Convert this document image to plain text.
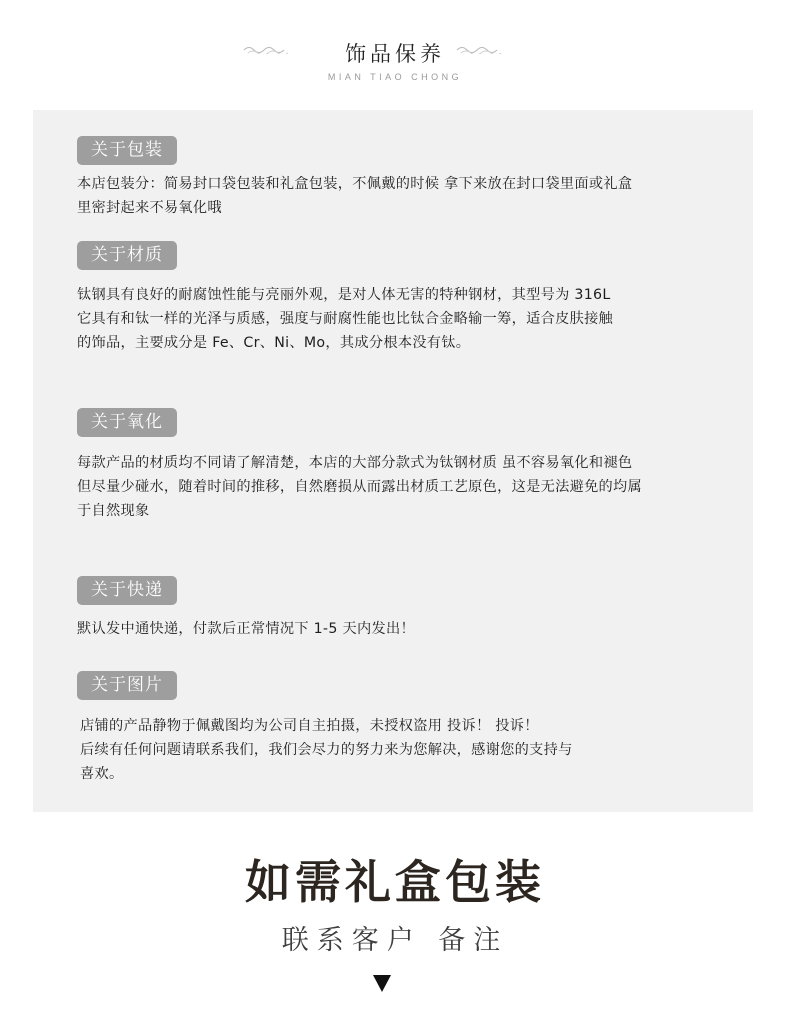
饰品保养
MIAN TIAO CHONG
关于包装
本店包装分：简易封口袋包装和礼盒包装，不佩戴的时候 拿下来放在封口袋里面或礼盒
里密封起来不易氧化哦
关于材质
钛钢具有良好的耐腐蚀性能与亮丽外观，是对人体无害的特种钢材，其型号为 316L
它具有和钛一样的光泽与质感，强度与耐腐性能也比钛合金略输一筹，适合皮肤接触
的饰品，主要成分是 Fe、Cr、Ni、Mo，其成分根本没有钛。
关于氧化
每款产品的材质均不同请了解清楚，本店的大部分款式为钛钢材质 虽不容易氧化和褪色
但尽量少碰水，随着时间的推移，自然磨损从而露出材质工艺原色，这是无法避免的均属
于自然现象
关于快递
默认发中通快递，付款后正常情况下 1-5 天内发出！
关于图片
店铺的产品静物于佩戴图均为公司自主拍摄，未授权盗用 投诉！ 投诉！
后续有任何问题请联系我们，我们会尽力的努力来为您解决，感谢您的支持与
喜欢。
如需礼盒包装
联系客户 备注
